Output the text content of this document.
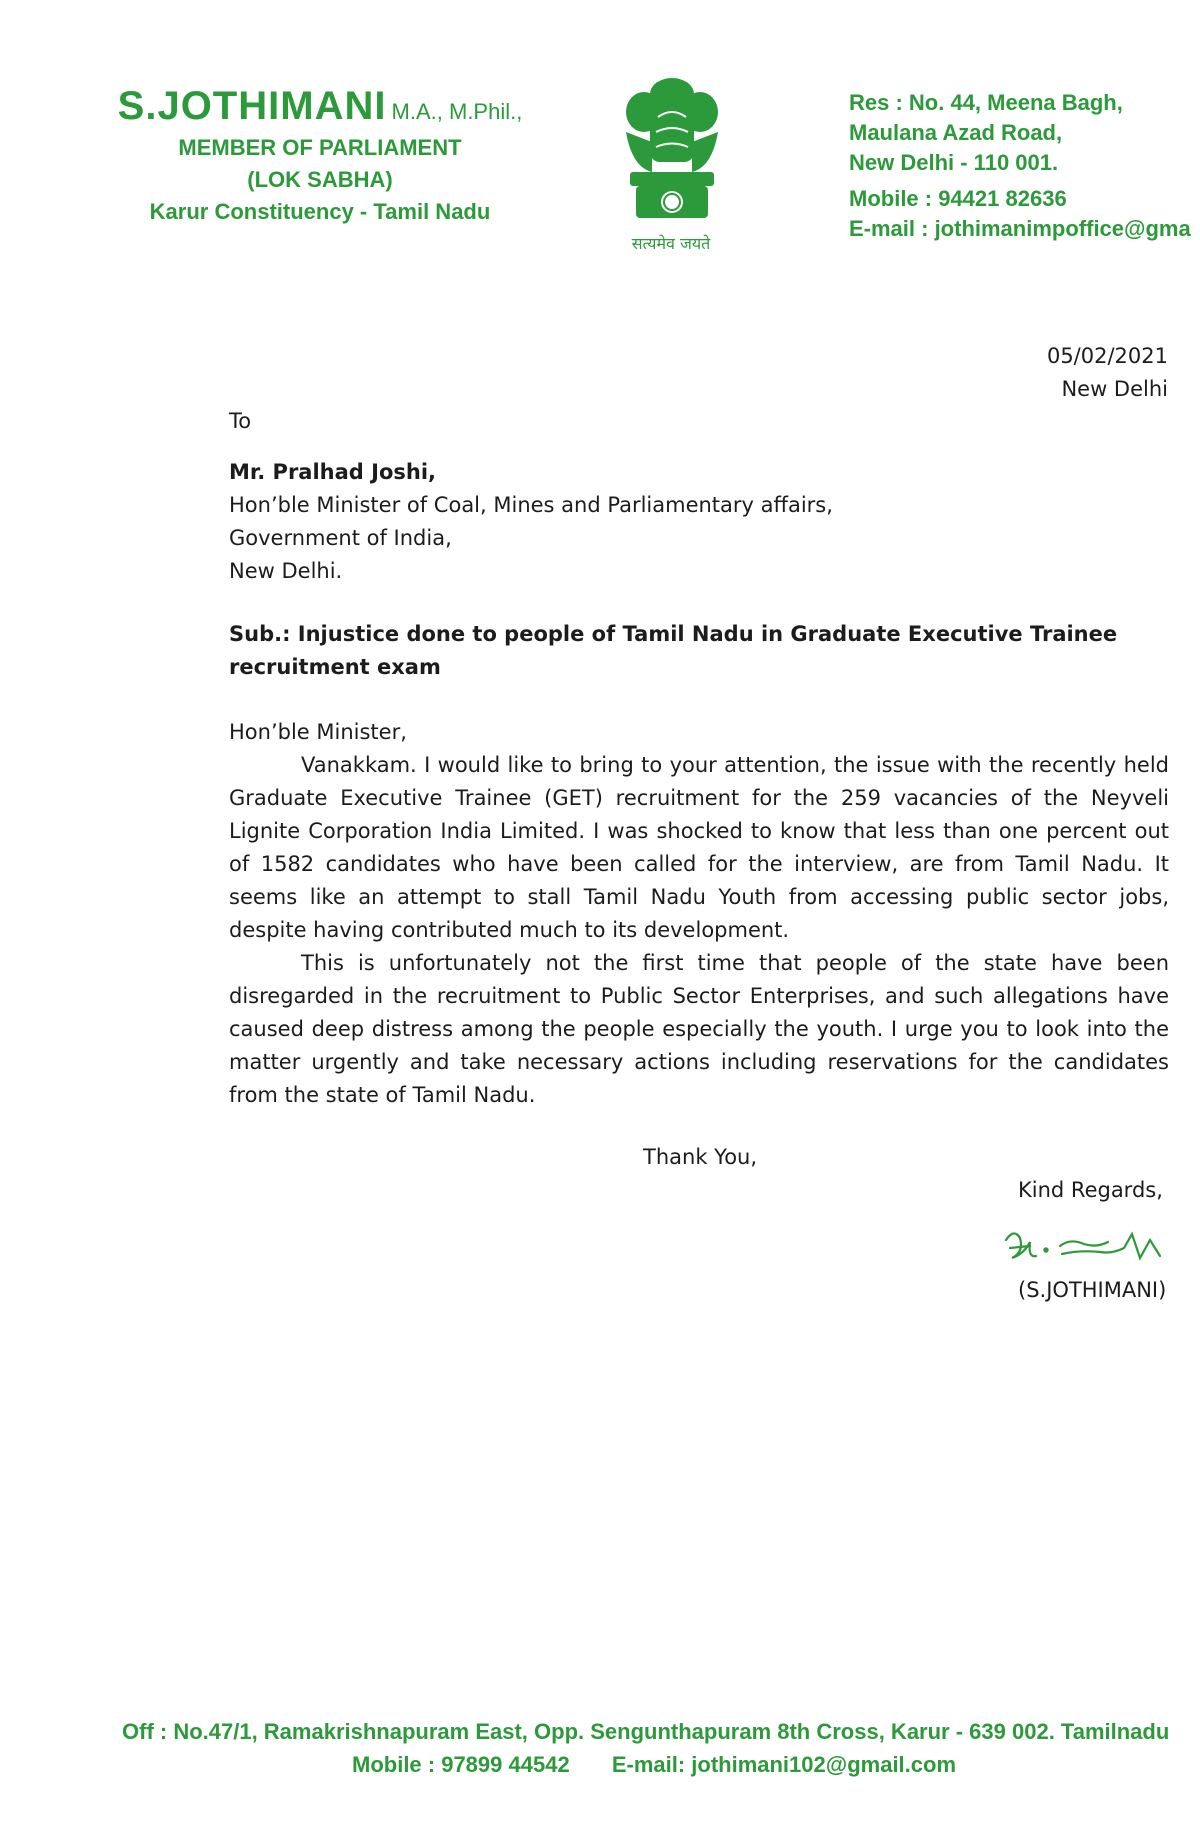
S.JOTHIMANI M.A., M.Phil.,
MEMBER OF PARLIAMENT
(LOK SABHA)
Karur Constituency - Tamil Nadu
सत्यमेव जयते
Res : No. 44, Meena Bagh,
Maulana Azad Road,
New Delhi - 110 001.
Mobile : 94421 82636
E-mail : jothimanimpoffice@gma
05/02/2021
New Delhi
To
Mr. Pralhad Joshi,
Hon’ble Minister of Coal, Mines and Parliamentary affairs,
Government of India,
New Delhi.
Sub.: Injustice done to people of Tamil Nadu in Graduate Executive Trainee recruitment exam
Hon’ble Minister,

Vanakkam. I would like to bring to your attention, the issue with the recently held Graduate Executive Trainee (GET) recruitment for the 259 vacancies of the Neyveli Lignite Corporation India Limited. I was shocked to know that less than one percent out of 1582 candidates who have been called for the interview, are from Tamil Nadu. It seems like an attempt to stall Tamil Nadu Youth from accessing public sector jobs, despite having contributed much to its development.

This is unfortunately not the first time that people of the state have been disregarded in the recruitment to Public Sector Enterprises, and such allegations have caused deep distress among the people especially the youth. I urge you to look into the matter urgently and take necessary actions including reservations for the candidates from the state of Tamil Nadu.

Thank You,
Kind Regards,
(S.JOTHIMANI)
Off : No.47/1, Ramakrishnapuram East, Opp. Sengunthapuram 8th Cross, Karur - 639 002. Tamilnadu
Mobile : 97899 44542 E-mail: jothimani102@gmail.com
